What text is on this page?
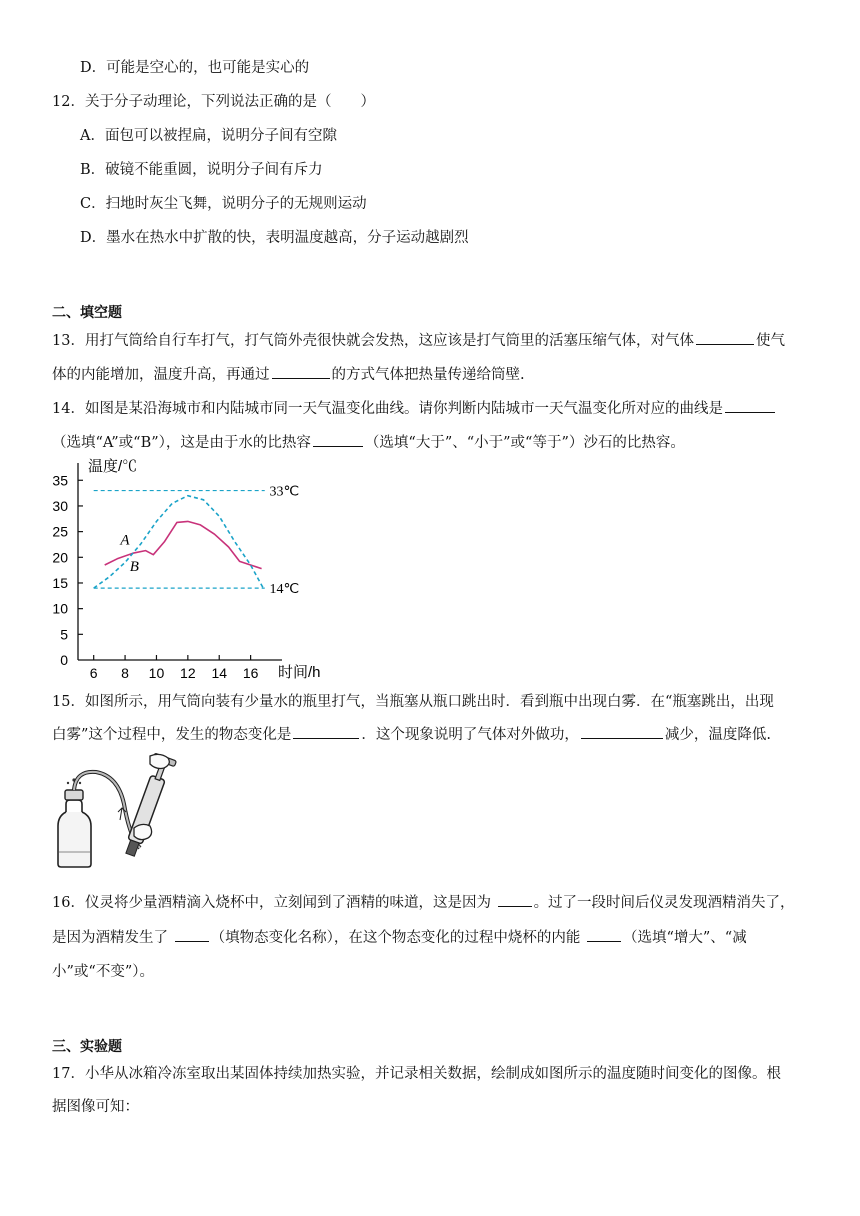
D．可能是空心的，也可能是实心的
12．关于分子动理论，下列说法正确的是（　　）
A．面包可以被捏扁，说明分子间有空隙
B．破镜不能重圆，说明分子间有斥力
C．扫地时灰尘飞舞，说明分子的无规则运动
D．墨水在热水中扩散的快，表明温度越高，分子运动越剧烈
二、填空题
13．用打气筒给自行车打气，打气筒外壳很快就会发热，这应该是打气筒里的活塞压缩气体，对气体	使气
体的内能增加，温度升高，再通过	的方式气体把热量传递给筒壁.
14．如图是某沿海城市和内陆城市同一天气温变化曲线。请你判断内陆城市一天气温变化所对应的曲线是
（选填“A”或“B”），这是由于水的比热容	（选填“大于”、“小于”或“等于”）沙石的比热容。
0
5
10
15
20
25
30
35
6 8 10 12 14 16
33℃
14℃
A
B
温度/℃
时间/h
15．如图所示，用气筒向装有少量水的瓶里打气，当瓶塞从瓶口跳出时．看到瓶中出现白雾．在“瓶塞跳出，出现
白雾”这个过程中，发生的物态变化是	．这个现象说明了气体对外做功，	减少，温度降低.
16．仪灵将少量酒精滴入烧杯中，立刻闻到了酒精的味道，这是因为	。过了一段时间后仪灵发现酒精消失了，
是因为酒精发生了	（填物态变化名称），在这个物态变化的过程中烧杯的内能	（选填“增大”、“减
小”或“不变”）。
三、实验题
17．小华从冰箱冷冻室取出某固体持续加热实验，并记录相关数据，绘制成如图所示的温度随时间变化的图像。根
据图像可知：
